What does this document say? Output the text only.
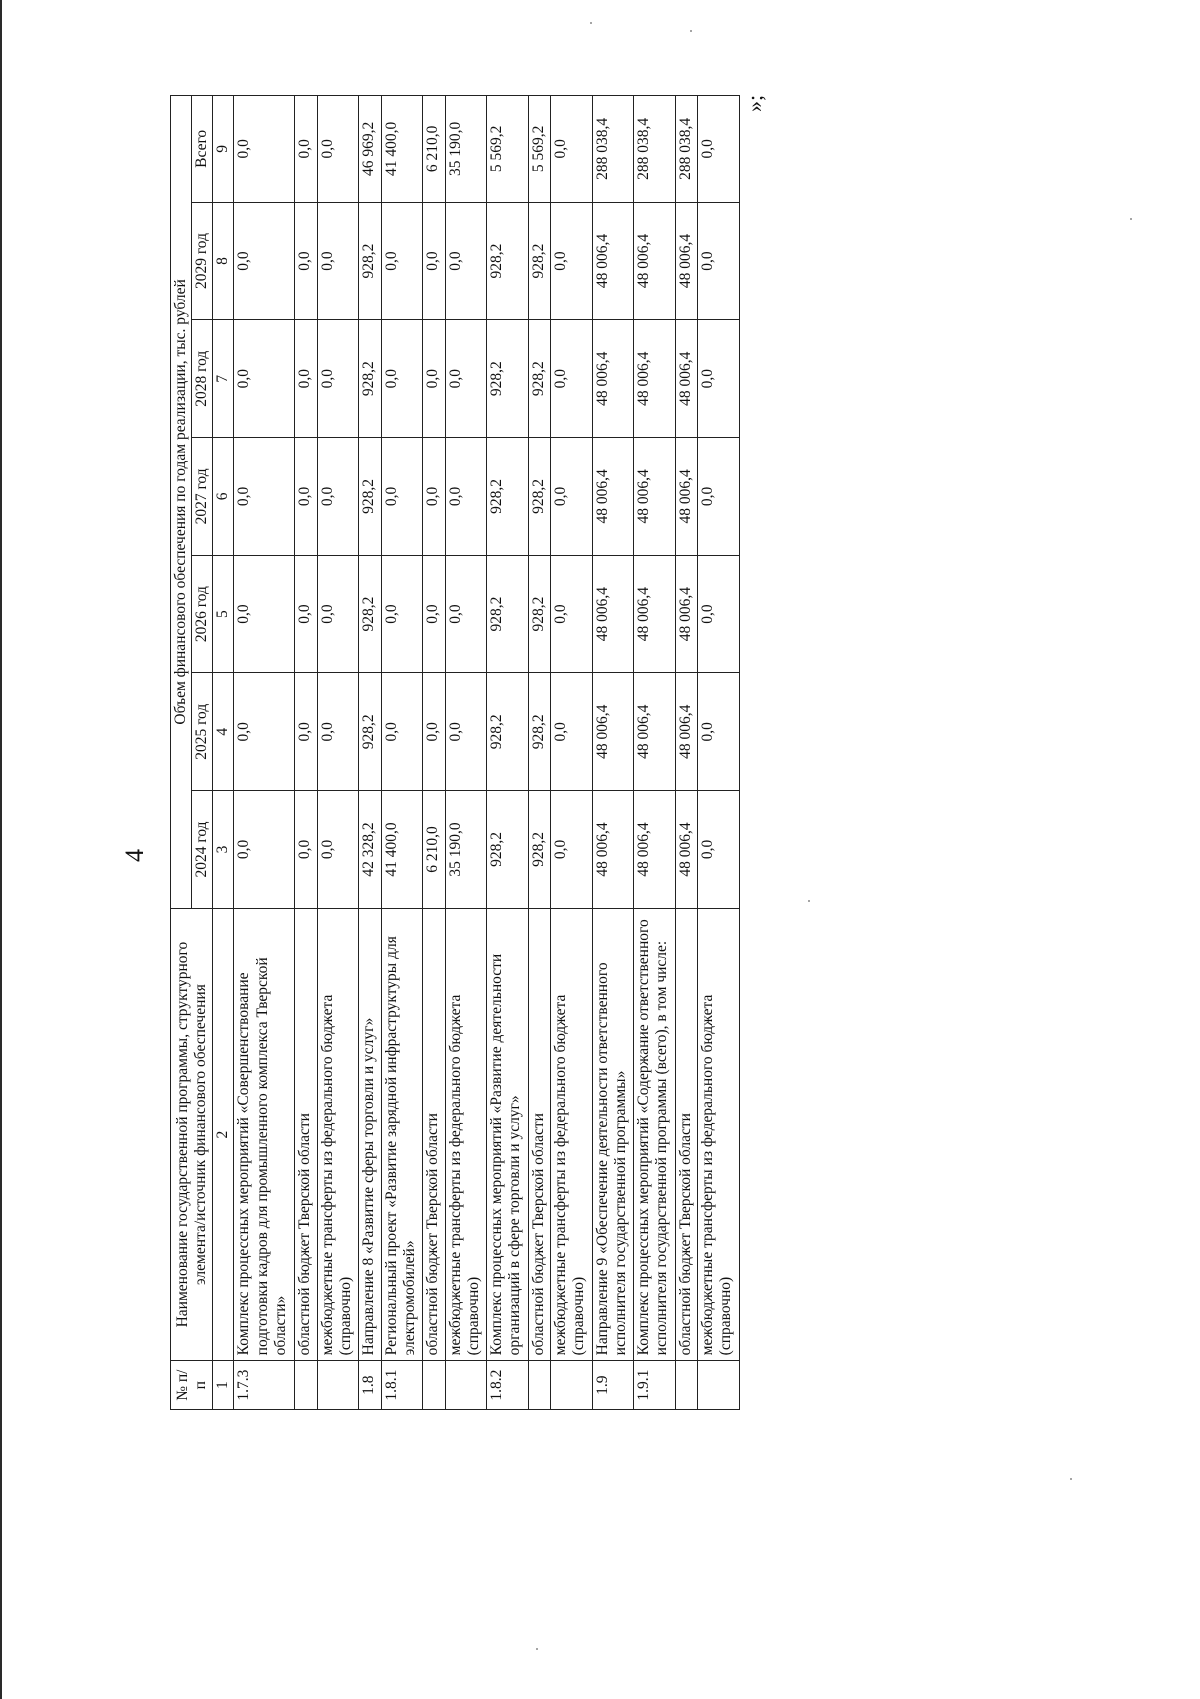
4
№ п/п	Наименование государственной программы, структурного элемента/источник финансового обеспечения	Объем финансового обеспечения по годам реализации, тыс. рублей						
		2024 год	2025 год	2026 год	2027 год	2028 год	2029 год	Всего
1	2	3	4	5	6	7	8	9
1.7.3	Комплекс процессных мероприятий «Совершенствование подготовки кадров для промышленного комплекса Тверской области»	0,0	0,0	0,0	0,0	0,0	0,0	0,0
	областной бюджет Тверской области	0,0	0,0	0,0	0,0	0,0	0,0	0,0
	межбюджетные трансферты из федерального бюджета (справочно)	0,0	0,0	0,0	0,0	0,0	0,0	0,0
1.8	Направление 8 «Развитие сферы торговли и услуг»	42 328,2	928,2	928,2	928,2	928,2	928,2	46 969,2
1.8.1	Региональный проект «Развитие зарядной инфраструктуры для электромобилей»	41 400,0	0,0	0,0	0,0	0,0	0,0	41 400,0
	областной бюджет Тверской области	6 210,0	0,0	0,0	0,0	0,0	0,0	6 210,0
	межбюджетные трансферты из федерального бюджета (справочно)	35 190,0	0,0	0,0	0,0	0,0	0,0	35 190,0
1.8.2	Комплекс процессных мероприятий «Развитие деятельности организаций в сфере торговли и услуг»	928,2	928,2	928,2	928,2	928,2	928,2	5 569,2
	областной бюджет Тверской области	928,2	928,2	928,2	928,2	928,2	928,2	5 569,2
	межбюджетные трансферты из федерального бюджета (справочно)	0,0	0,0	0,0	0,0	0,0	0,0	0,0
1.9	Направление 9 «Обеспечение деятельности ответственного исполнителя государственной программы»	48 006,4	48 006,4	48 006,4	48 006,4	48 006,4	48 006,4	288 038,4
1.9.1	Комплекс процессных мероприятий «Содержание ответственного исполнителя государственной программы (всего), в том числе:	48 006,4	48 006,4	48 006,4	48 006,4	48 006,4	48 006,4	288 038,4
	областной бюджет Тверской области	48 006,4	48 006,4	48 006,4	48 006,4	48 006,4	48 006,4	288 038,4
	межбюджетные трансферты из федерального бюджета (справочно)	0,0	0,0	0,0	0,0	0,0	0,0	0,0
»;
